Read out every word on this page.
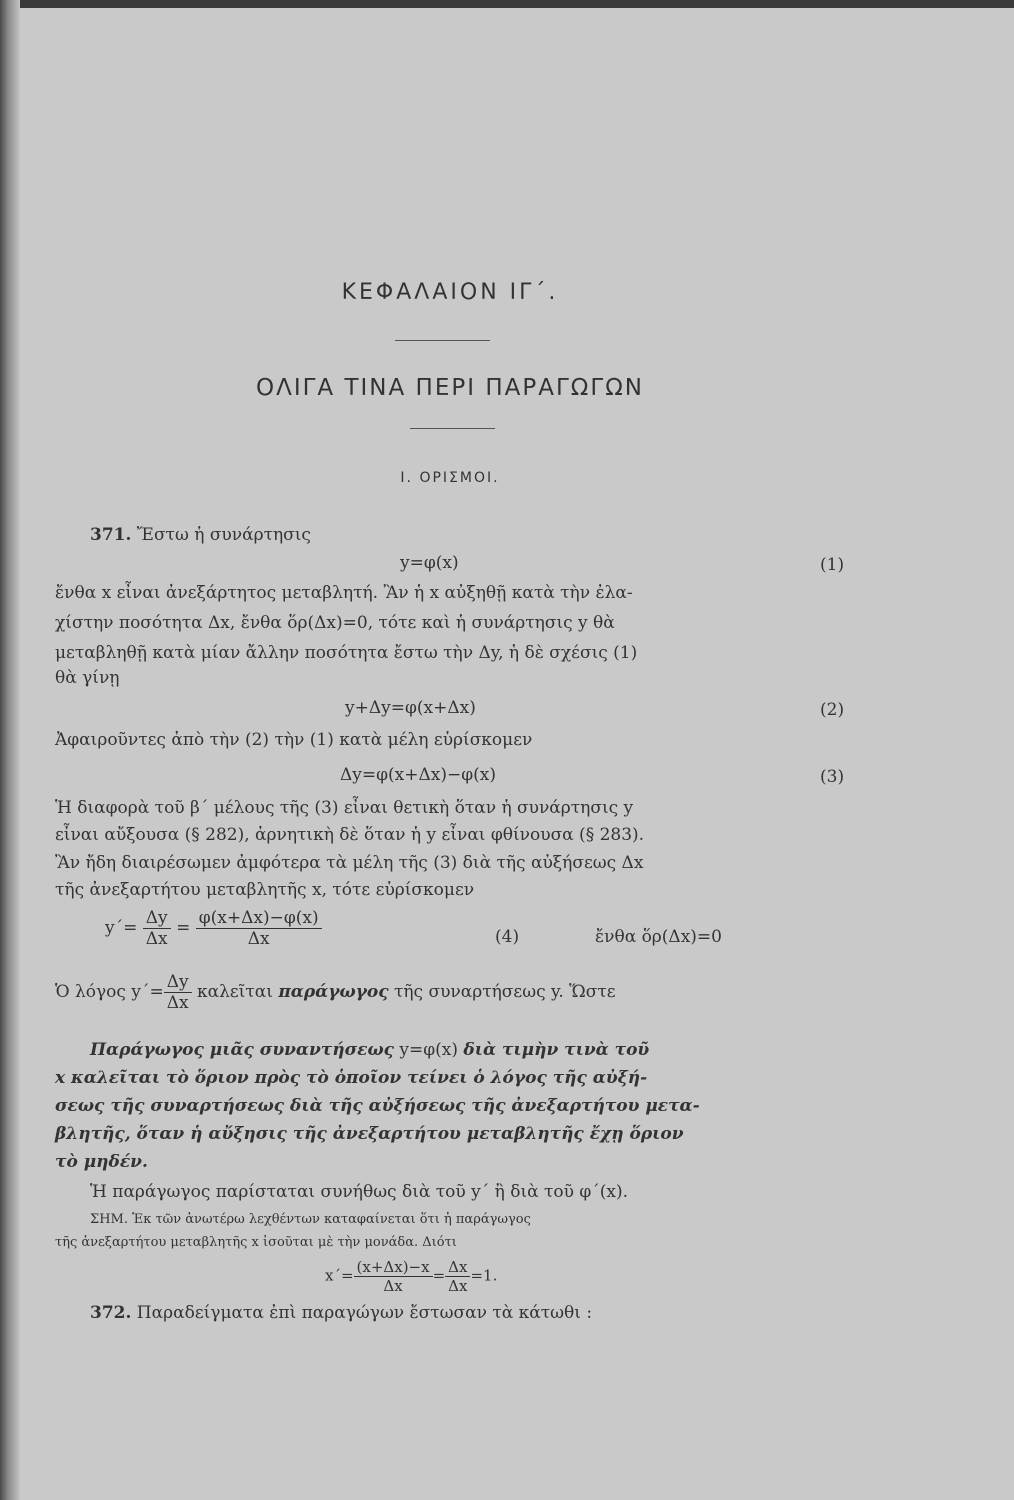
ΚΕΦΑΛΑΙΟΝ ΙΓ΄.
ΟΛΙΓΑ ΤΙΝΑ ΠΕΡΙ ΠΑΡΑΓΩΓΩΝ
Ι. ΟΡΙΣΜΟΙ.
371. Ἔστω ἡ συνάρτησις
y=φ(x)	(1)
ἔνθα x εἶναι ἀνεξάρτητος μεταβλητή. Ἂν ἡ x αὐξηθῇ κατὰ τὴν ἐλα-
χίστην ποσότητα Δx, ἔνθα ὅρ(Δx)=0, τότε καὶ ἡ συνάρτησις y θὰ
μεταβληθῇ κατὰ μίαν ἄλλην ποσότητα ἔστω τὴν Δy, ἡ δὲ σχέσις (1)
θὰ γίνῃ
y+Δy=φ(x+Δx)	(2)
Ἀφαιροῦντες ἀπὸ τὴν (2) τὴν (1) κατὰ μέλη εὑρίσκομεν
Δy=φ(x+Δx)−φ(x)	(3)
Ἡ διαφορὰ τοῦ β΄ μέλους τῆς (3) εἶναι θετικὴ ὅταν ἡ συνάρτησις y
εἶναι αὔξουσα (§ 282), ἀρνητικὴ δὲ ὅταν ἡ y εἶναι φθίνουσα (§ 283).
Ἂν ἤδη διαιρέσωμεν ἀμφότερα τὰ μέλη τῆς (3) διὰ τῆς αὐξήσεως Δx
τῆς ἀνεξαρτήτου μεταβλητῆς x, τότε εὑρίσκομεν
$y΄= \frac{\Delta y}{\Delta x} = \frac{\varphi(x+\Delta x)-\varphi(x)}{\Delta x}$	(4)	ἔνθα ὅρ(Δx)=0
Ὁ λόγος $y΄= \frac{\Delta y}{\Delta x}$ καλεῖται παράγωγος τῆς συναρτήσεως y. Ὥστε
Παράγωγος μιᾶς συναντήσεως y=φ(x) διὰ τιμὴν τινὰ τοῦ
x καλεῖται τὸ ὅριον πρὸς τὸ ὁποῖον τείνει ὁ λόγος τῆς αὐξή-
σεως τῆς συναρτήσεως διὰ τῆς αὐξήσεως τῆς ἀνεξαρτήτου μετα-
βλητῆς, ὅταν ἡ αὔξησις τῆς ἀνεξαρτήτου μεταβλητῆς ἔχῃ ὅριον
τὸ μηδέν.
Ἡ παράγωγος παρίσταται συνήθως διὰ τοῦ y΄ ἢ διὰ τοῦ φ΄(x).
ΣΗΜ. Ἐκ τῶν ἀνωτέρω λεχθέντων καταφαίνεται ὅτι ἡ παράγωγος
τῆς ἀνεξαρτήτου μεταβλητῆς x ἰσοῦται μὲ τὴν μονάδα. Διότι
$x΄= \frac{(x+\Delta x)-x}{\Delta x} = \frac{\Delta x}{\Delta x} =1$.
372. Παραδείγματα ἐπὶ παραγώγων ἔστωσαν τὰ κάτωθι :
